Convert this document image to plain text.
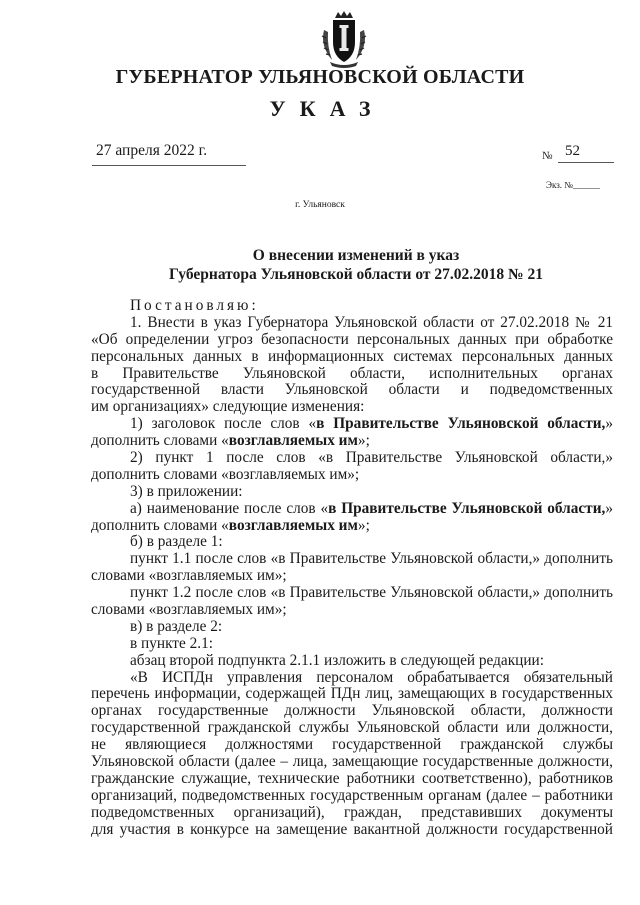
ГУБЕРНАТОР УЛЬЯНОВСКОЙ ОБЛАСТИ
УКАЗ
27 апреля 2022 г.	№ 52
Экз. №______
г. Ульяновск
О внесении изменений в указ
Губернатора Ульяновской области от 27.02.2018 № 21
Постановляю:
1. Внести в указ Губернатора Ульяновской области от 27.02.2018 № 21
«Об определении угроз безопасности персональных данных при обработке
персональных данных в информационных системах персональных данных
в Правительстве Ульяновской области, исполнительных органах
государственной власти Ульяновской области и подведомственных
им организациях» следующие изменения:
1) заголовок после слов «в Правительстве Ульяновской области,»
дополнить словами «возглавляемых им»;
2) пункт 1 после слов «в Правительстве Ульяновской области,»
дополнить словами «возглавляемых им»;
3) в приложении:
а) наименование после слов «в Правительстве Ульяновской области,»
дополнить словами «возглавляемых им»;
б) в разделе 1:
пункт 1.1 после слов «в Правительстве Ульяновской области,» дополнить
словами «возглавляемых им»;
пункт 1.2 после слов «в Правительстве Ульяновской области,» дополнить
словами «возглавляемых им»;
в) в разделе 2:
в пункте 2.1:
абзац второй подпункта 2.1.1 изложить в следующей редакции:
«В ИСПДн управления персоналом обрабатывается обязательный
перечень информации, содержащей ПДн лиц, замещающих в государственных
органах государственные должности Ульяновской области, должности
государственной гражданской службы Ульяновской области или должности,
не являющиеся должностями государственной гражданской службы
Ульяновской области (далее – лица, замещающие государственные должности,
гражданские служащие, технические работники соответственно), работников
организаций, подведомственных государственным органам (далее – работники
подведомственных организаций), граждан, представивших документы
для участия в конкурсе на замещение вакантной должности государственной
